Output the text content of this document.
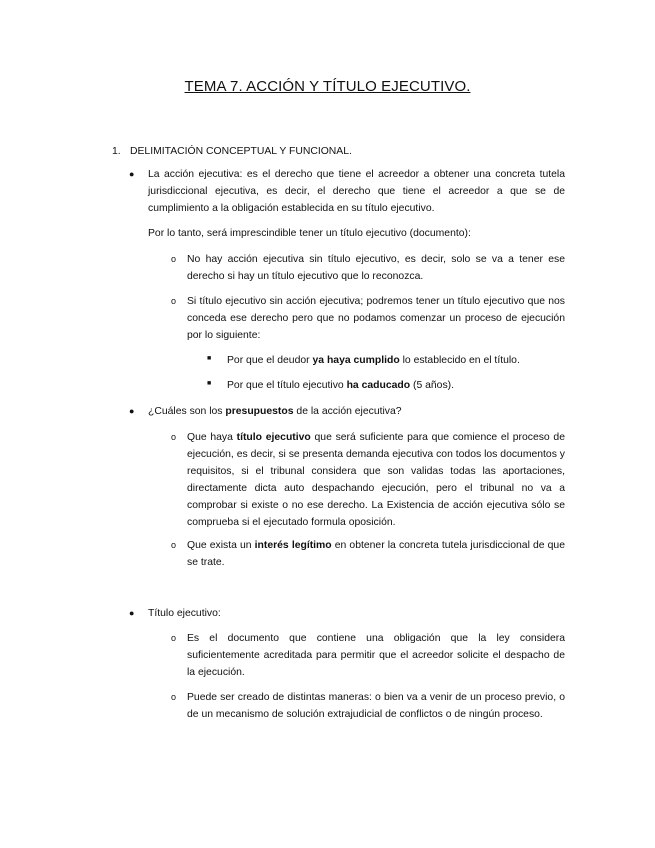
TEMA 7. ACCIÓN Y TÍTULO EJECUTIVO.
1. DELIMITACIÓN CONCEPTUAL Y FUNCIONAL.
● La acción ejecutiva: es el derecho que tiene el acreedor a obtener una concreta tutela jurisdiccional ejecutiva, es decir, el derecho que tiene el acreedor a que se de cumplimiento a la obligación establecida en su título ejecutivo.
Por lo tanto, será imprescindible tener un título ejecutivo (documento):
o No hay acción ejecutiva sin título ejecutivo, es decir, solo se va a tener ese derecho si hay un título ejecutivo que lo reconozca.
o Si título ejecutivo sin acción ejecutiva; podremos tener un título ejecutivo que nos conceda ese derecho pero que no podamos comenzar un proceso de ejecución por lo siguiente:
■ Por que el deudor ya haya cumplido lo establecido en el título.
■ Por que el título ejecutivo ha caducado (5 años).
● ¿Cuáles son los presupuestos de la acción ejecutiva?
o Que haya título ejecutivo que será suficiente para que comience el proceso de ejecución, es decir, si se presenta demanda ejecutiva con todos los documentos y requisitos, si el tribunal considera que son validas todas las aportaciones, directamente dicta auto despachando ejecución, pero el tribunal no va a comprobar si existe o no ese derecho. La Existencia de acción ejecutiva sólo se comprueba si el ejecutado formula oposición.
o Que exista un interés legítimo en obtener la concreta tutela jurisdiccional de que se trate.
● Título ejecutivo:
o Es el documento que contiene una obligación que la ley considera suficientemente acreditada para permitir que el acreedor solicite el despacho de la ejecución.
o Puede ser creado de distintas maneras: o bien va a venir de un proceso previo, o de un mecanismo de solución extrajudicial de conflictos o de ningún proceso.
